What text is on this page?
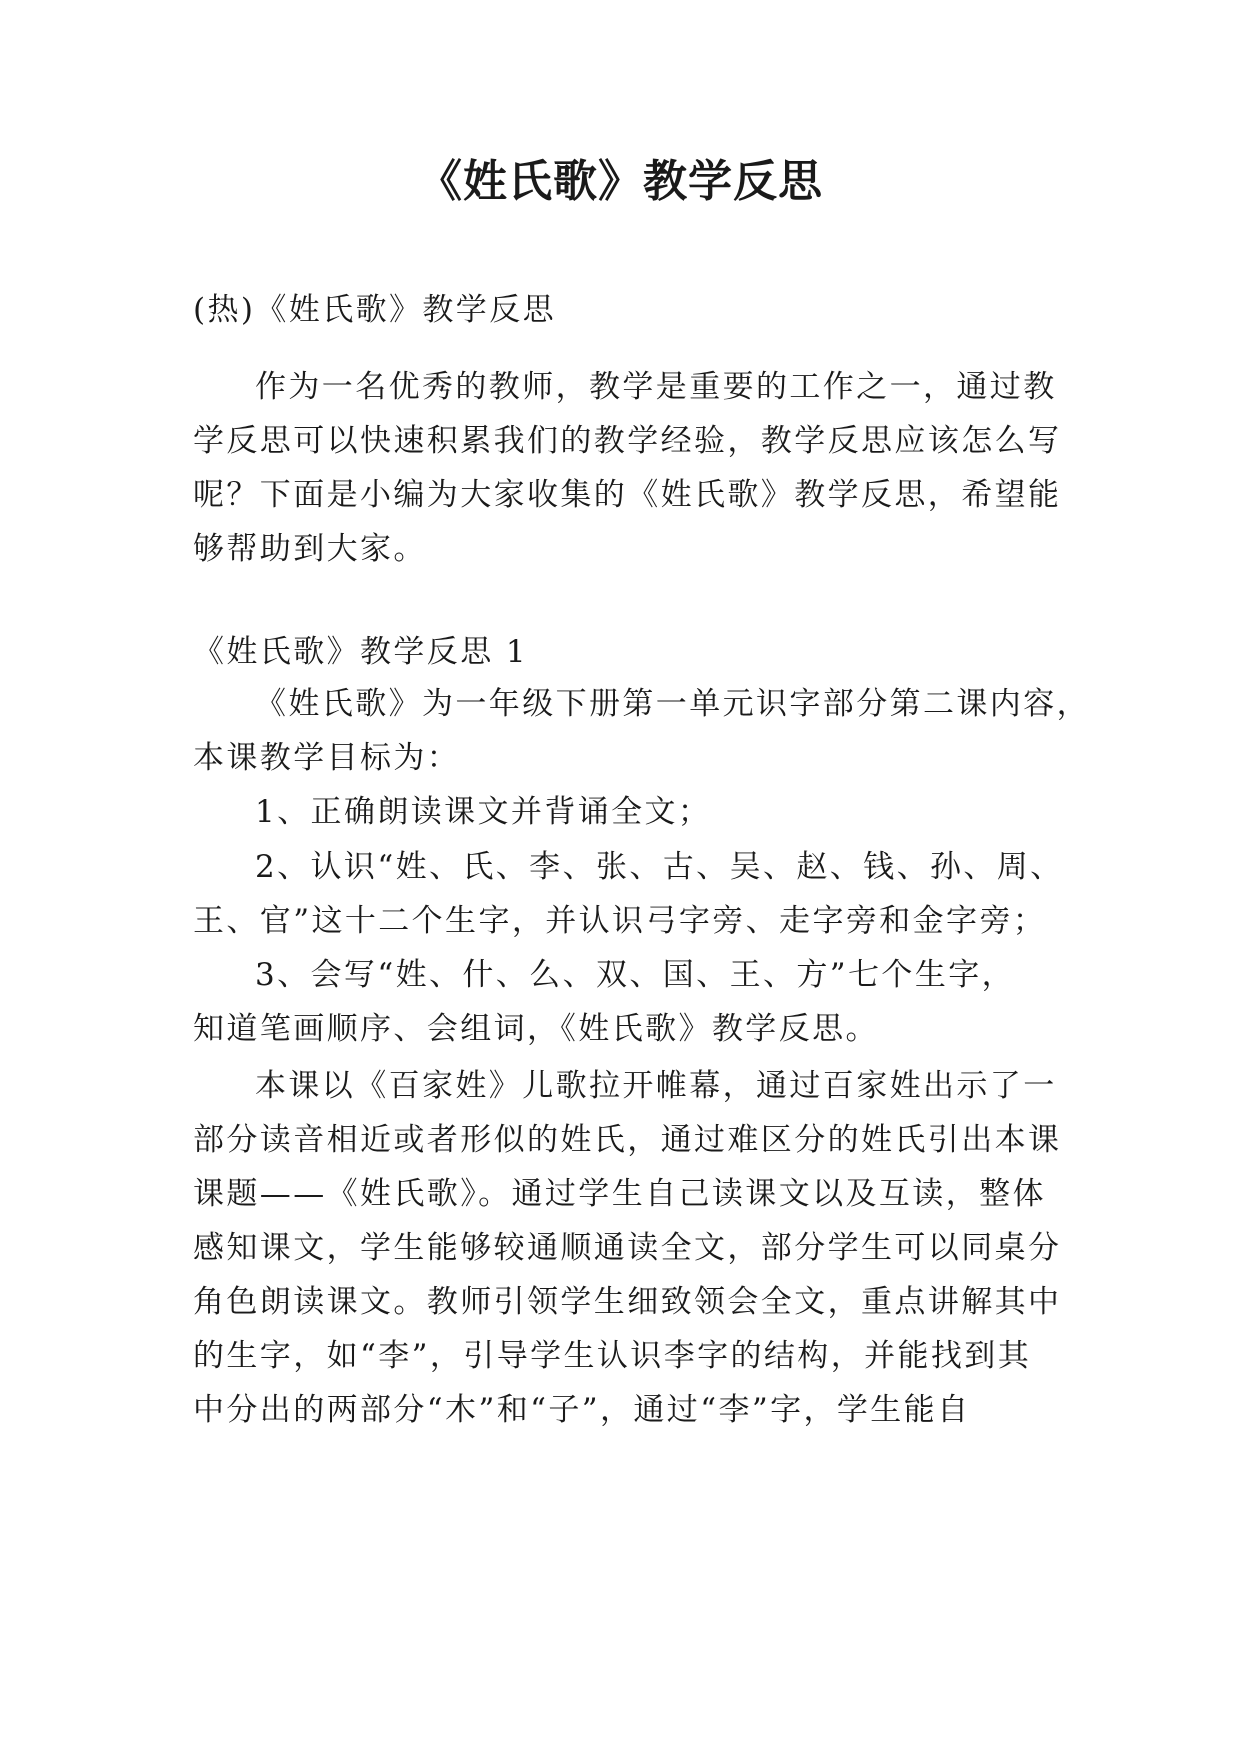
《姓氏歌》教学反思
(热)《姓氏歌》教学反思
作为一名优秀的教师，教学是重要的工作之一，通过教
学反思可以快速积累我们的教学经验，教学反思应该怎么写
呢？下面是小编为大家收集的《姓氏歌》教学反思，希望能
够帮助到大家。
《姓氏歌》教学反思 1
《姓氏歌》为一年级下册第一单元识字部分第二课内容，
本课教学目标为：
1、正确朗读课文并背诵全文；
2、认识“姓、氏、李、张、古、吴、赵、钱、孙、周、
王、官”这十二个生字，并认识弓字旁、走字旁和金字旁；
3、会写“姓、什、么、双、国、王、方”七个生字，
知道笔画顺序、会组词，《姓氏歌》教学反思。
本课以《百家姓》儿歌拉开帷幕，通过百家姓出示了一
部分读音相近或者形似的姓氏，通过难区分的姓氏引出本课
课题——《姓氏歌》。通过学生自己读课文以及互读，整体
感知课文，学生能够较通顺通读全文，部分学生可以同桌分
角色朗读课文。教师引领学生细致领会全文，重点讲解其中
的生字，如“李”，引导学生认识李字的结构，并能找到其
中分出的两部分“木”和“子”，通过“李”字，学生能自
